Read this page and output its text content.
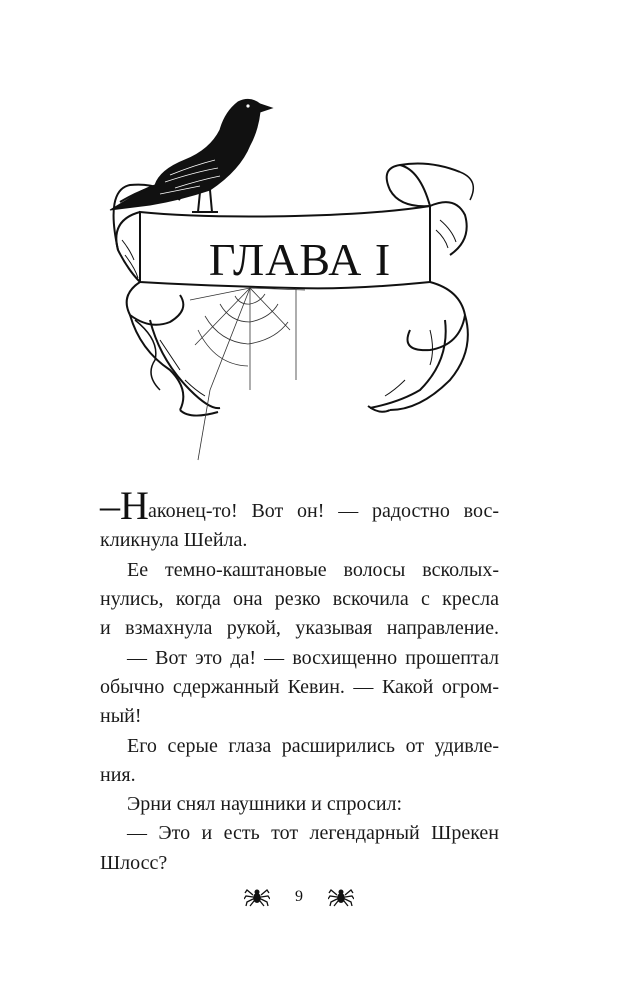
ГЛАВА I
–Н аконец-то! Вот он! — радостно вос-
кликнула Шейла.
Ее темно-каштановые волосы всколых-
нулись, когда она резко вскочила с кресла
и взмахнула рукой, указывая направление.
— Вот это да! — восхищенно прошептал
обычно сдержанный Кевин. — Какой огром-
ный!
Его серые глаза расширились от удивле-
ния.
Эрни снял наушники и спросил:
— Это и есть тот легендарный Шрекен
Шлосс?
9
